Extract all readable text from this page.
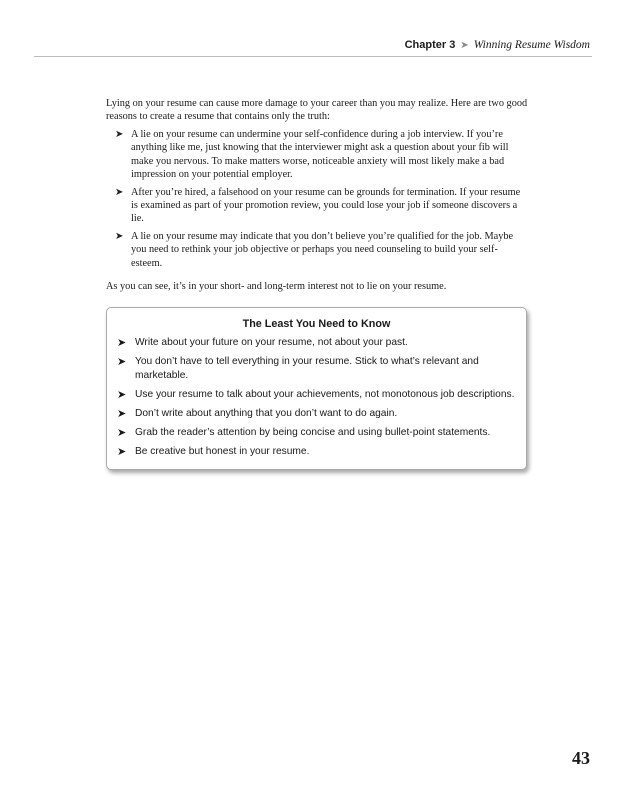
Chapter 3 ➤ Winning Resume Wisdom

Lying on your resume can cause more damage to your career than you may realize. Here are two good reasons to create a resume that contains only the truth:

➤ A lie on your resume can undermine your self-confidence during a job interview. If you’re anything like me, just knowing that the interviewer might ask a question about your fib will make you nervous. To make matters worse, noticeable anxiety will most likely make a bad impression on your potential employer.
➤ After you’re hired, a falsehood on your resume can be grounds for termination. If your resume is examined as part of your promotion review, you could lose your job if someone discovers a lie.
➤ A lie on your resume may indicate that you don’t believe you’re qualified for the job. Maybe you need to rethink your job objective or perhaps you need counseling to build your self-esteem.

As you can see, it’s in your short- and long-term interest not to lie on your resume.

The Least You Need to Know
➤ Write about your future on your resume, not about your past.
➤ You don’t have to tell everything in your resume. Stick to what’s relevant and marketable.
➤ Use your resume to talk about your achievements, not monotonous job descriptions.
➤ Don’t write about anything that you don’t want to do again.
➤ Grab the reader’s attention by being concise and using bullet-point statements.
➤ Be creative but honest in your resume.
43
